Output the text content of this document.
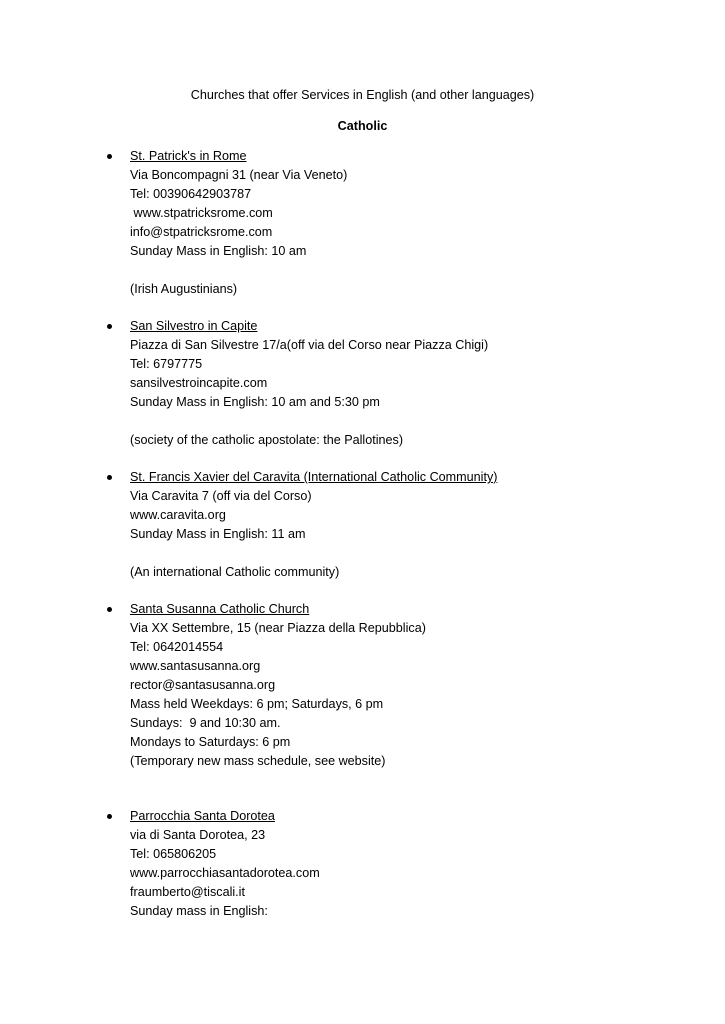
Churches that offer Services in English (and other languages)
Catholic
St. Patrick's in Rome
Via Boncompagni 31 (near Via Veneto)
Tel: 00390642903787
www.stpatricksrome.com
info@stpatricksrome.com
Sunday Mass in English: 10 am
(Irish Augustinians)
San Silvestro in Capite
Piazza di San Silvestre 17/a(off via del Corso near Piazza Chigi)
Tel: 6797775
sansilvestroincapite.com
Sunday Mass in English: 10 am and 5:30 pm
(society of the catholic apostolate: the Pallotines)
St. Francis Xavier del Caravita (International Catholic Community)
Via Caravita 7 (off via del Corso)
www.caravita.org
Sunday Mass in English: 11 am
(An international Catholic community)
Santa Susanna Catholic Church
Via XX Settembre, 15 (near Piazza della Repubblica)
Tel: 0642014554
www.santasusanna.org
rector@santasusanna.org
Mass held Weekdays: 6 pm; Saturdays, 6 pm
Sundays:  9 and 10:30 am.
Mondays to Saturdays: 6 pm
(Temporary new mass schedule, see website)
Parrocchia Santa Dorotea
via di Santa Dorotea, 23
Tel: 065806205
www.parrocchiasantadorotea.com
fraumberto@tiscali.it
Sunday mass in English:
